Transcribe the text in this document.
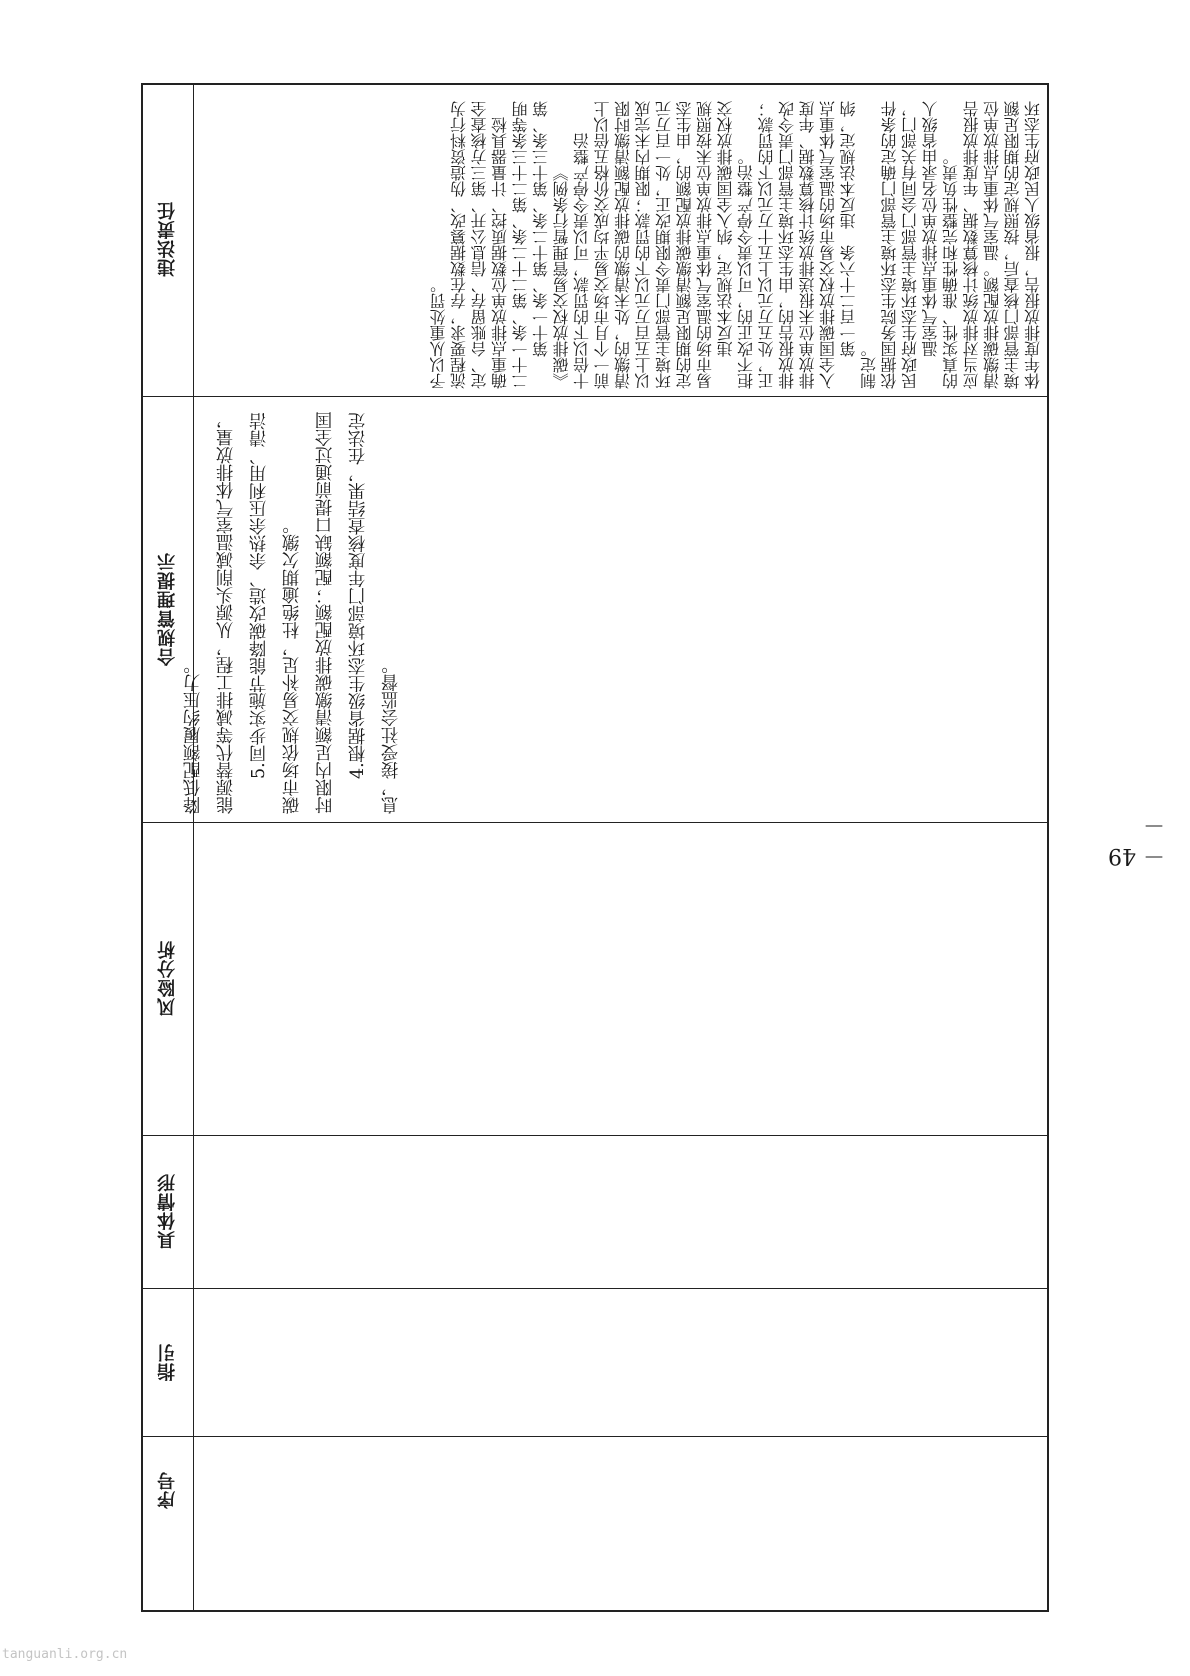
序号
指引
具体情形
风险分析
合规管理提示
违法责任

息，接受社会监督。

4.根据省级生态环境部门年度核查结果，在法定时限内足额清缴碳排放配额；配额缺口提前通过全国碳市场依规交易补足，杜绝逾期欠缴。

5.同步实施节能降碳改造、余热余压利用、清洁能源替代等减排工程，从源头削减温室气体排放量，降低配额履约压力。

体年度排放报告，报省级人民政府生态环境主管部门核查后，按照规定的期限足额清缴碳排放配额。温室气体重点排放单位应当对排放统计核算数据、年度排放报告的真实性、准确性和完整性负责。

温室气体重点排放单位名录由省级人民政府生态环境主管部门会同有关部门，依据国务院生态环境主管部门确定的条件制定。

第一百二十六条　违反本法规定，纳入全国碳排放权交易市场的温室气体重点排放单位未报送排放统计核算数据、年度排放报告的，由生态环境主管部门责令改正，处五万元以上五十万元以下的罚款；拒不改正的，可以责令停产整治。

违反本法规定，纳入全国碳排放权交易市场的温室气体重点排放单位未按照规定的期限足额清缴碳排放配额的，由生态环境主管部门责令限期改正，处一百万元以上五百万元以下的罚款；限期内未完成清缴的，处未清缴的碳排放配额清缴时限前一个月市场交易平均成交价格五倍以上十倍以下的罚款，可以责令停产整治

《碳排放权交易管理暂行条例》

第十一条、第十二条、第十三条、第二十一条、第二十二条、第二十三条等明确重点排放单位数据质控、计量器具检定、台账留存、信息公开、第三方核查全流程要求，存在数据篡改、伪造资料行为予以从重处罚。

－ 49 －
tanguanli.org.cn
